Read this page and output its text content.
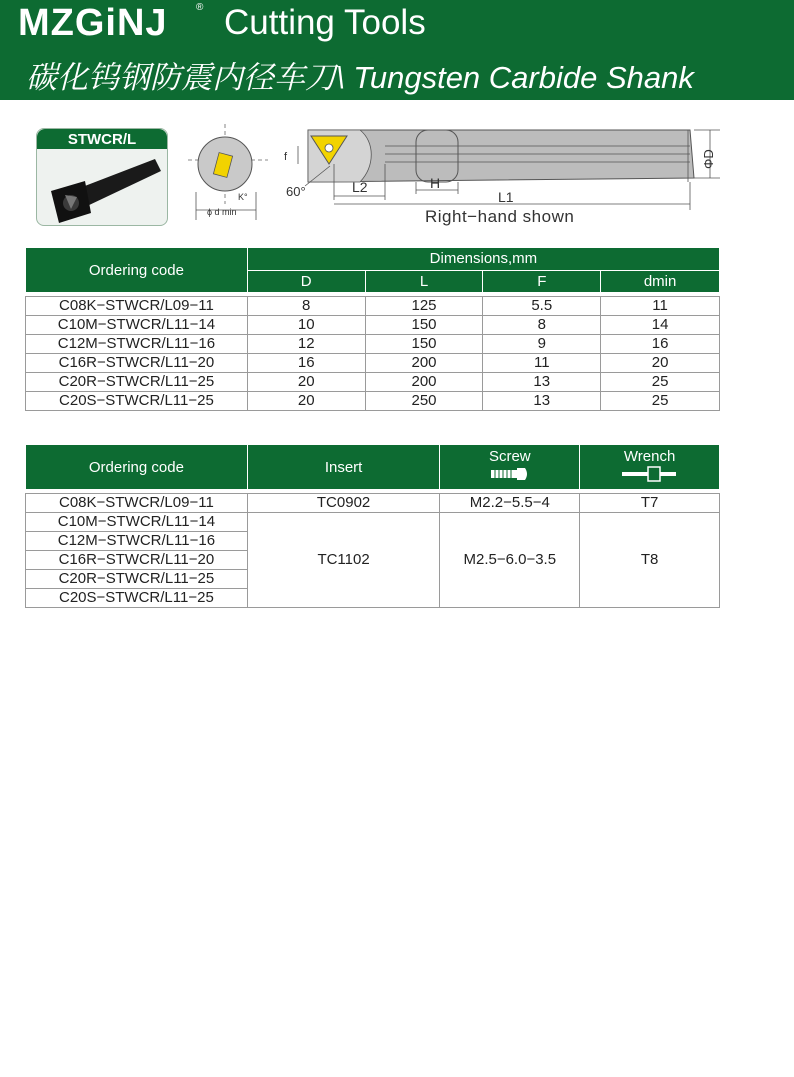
MZGiNJ	® Cutting Tools
碳化钨钢防震内径车刀\ Tungsten Carbide Shank
STWCR/L
ϕ d min
K°	60°
f
L2	H
L1
ΦD
Right−hand shown
Ordering code	Dimensions,mm			
	D	L	F	dmin

C08K−STWCR/L09−11	8	125	5.5	11
C10M−STWCR/L11−14	10	150	8	14
C12M−STWCR/L11−16	12	150	9	16
C16R−STWCR/L11−20	16	200	11	20
C20R−STWCR/L11−25	20	200	13	25
C20S−STWCR/L11−25	20	250	13	25
Ordering code	Insert	Screw	Wrench

C08K−STWCR/L09−11	TC0902	M2.2−5.5−4	T7
C10M−STWCR/L11−14	TC1102	M2.5−6.0−3.5	T8
C12M−STWCR/L11−16			
C16R−STWCR/L11−20			
C20R−STWCR/L11−25			
C20S−STWCR/L11−25			
